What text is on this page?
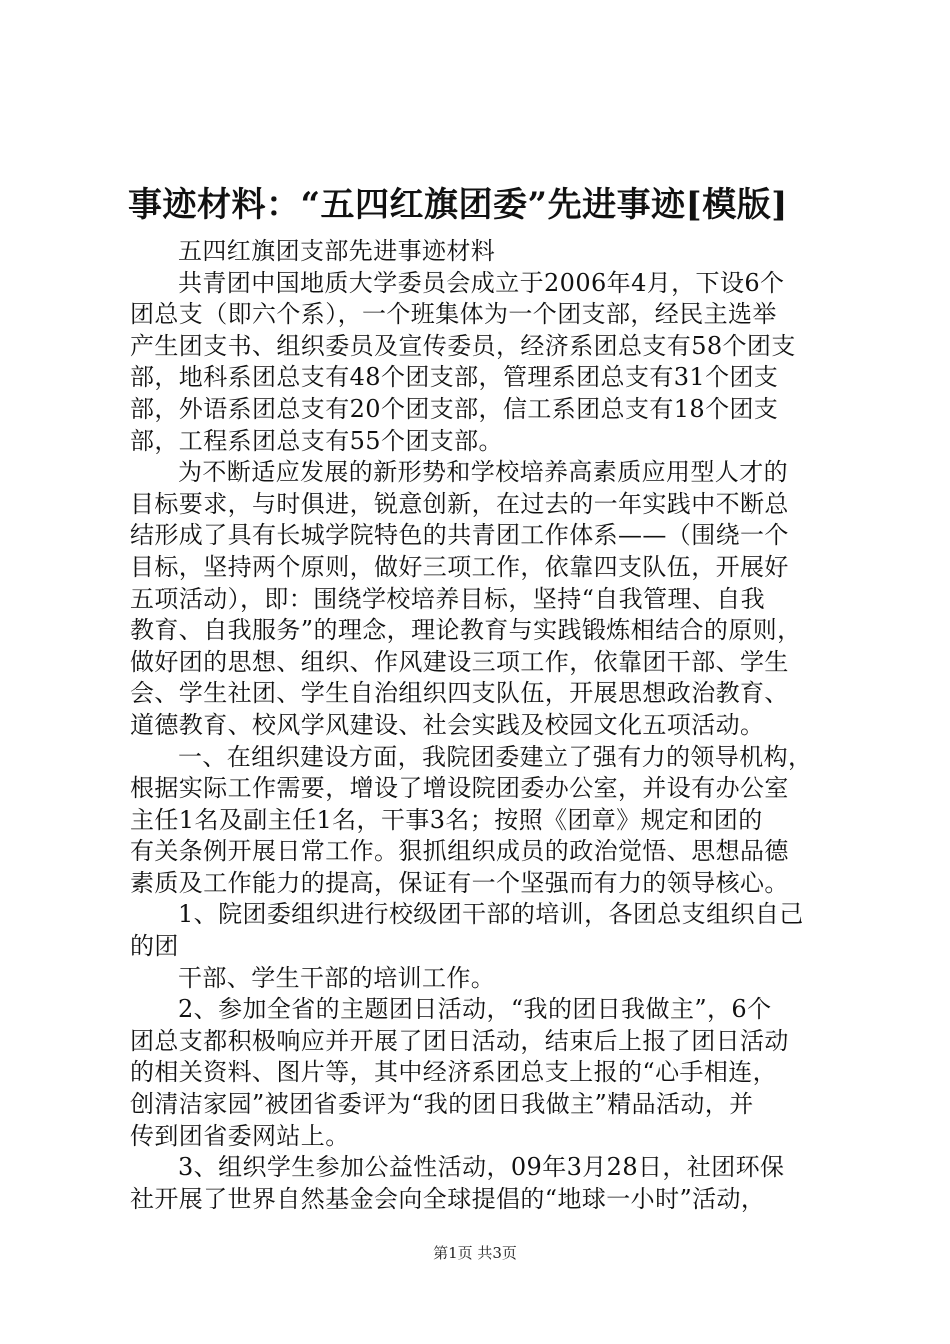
事迹材料：“五四红旗团委”先进事迹[模版]
五四红旗团支部先进事迹材料
共青团中国地质大学委员会成立于2006年4月，下设6个
团总支（即六个系），一个班集体为一个团支部，经民主选举
产生团支书、组织委员及宣传委员，经济系团总支有58个团支
部，地科系团总支有48个团支部，管理系团总支有31个团支
部，外语系团总支有20个团支部，信工系团总支有18个团支
部，工程系团总支有55个团支部。
为不断适应发展的新形势和学校培养高素质应用型人才的
目标要求，与时俱进，锐意创新，在过去的一年实践中不断总
结形成了具有长城学院特色的共青团工作体系——（围绕一个
目标，坚持两个原则，做好三项工作，依靠四支队伍，开展好
五项活动），即：围绕学校培养目标，坚持“自我管理、自我
教育、自我服务”的理念，理论教育与实践锻炼相结合的原则，
做好团的思想、组织、作风建设三项工作，依靠团干部、学生
会、学生社团、学生自治组织四支队伍，开展思想政治教育、
道德教育、校风学风建设、社会实践及校园文化五项活动。
一、在组织建设方面，我院团委建立了强有力的领导机构，
根据实际工作需要，增设了增设院团委办公室，并设有办公室
主任1名及副主任1名，干事3名；按照《团章》规定和团的
有关条例开展日常工作。狠抓组织成员的政治觉悟、思想品德
素质及工作能力的提高，保证有一个坚强而有力的领导核心。
1、院团委组织进行校级团干部的培训，各团总支组织自己
的团
干部、学生干部的培训工作。
2、参加全省的主题团日活动，“我的团日我做主”，6个
团总支都积极响应并开展了团日活动，结束后上报了团日活动
的相关资料、图片等，其中经济系团总支上报的“心手相连，
创清洁家园”被团省委评为“我的团日我做主”精品活动，并
传到团省委网站上。
3、组织学生参加公益性活动，09年3月28日，社团环保
社开展了世界自然基金会向全球提倡的“地球一小时”活动，
第1页 共3页
